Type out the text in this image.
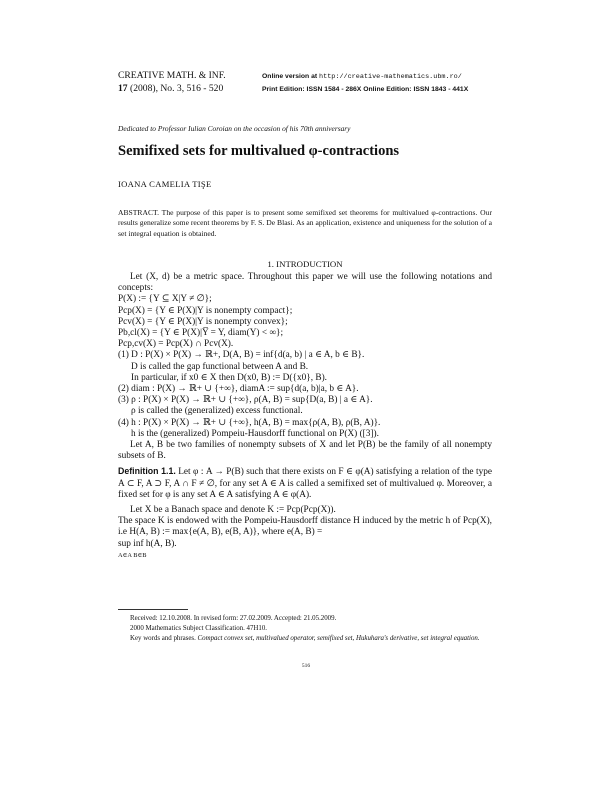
CREATIVE MATH. & INF.
17 (2008), No. 3, 516 - 520
Online version at http://creative-mathematics.ubm.ro/
Print Edition: ISSN 1584 - 286X Online Edition: ISSN 1843 - 441X
Dedicated to Professor Iulian Coroian on the occasion of his 70th anniversary
Semifixed sets for multivalued φ-contractions
IOANA CAMELIA TIŞE
ABSTRACT. The purpose of this paper is to present some semifixed set theorems for multivalued φ-contractions. Our results generalize some recent theorems by F. S. De Blasi. As an application, existence and uniqueness for the solution of a set integral equation is obtained.
1. INTRODUCTION

Let (X, d) be a metric space. Throughout this paper we will use the following notations and concepts:

P(X) := {Y ⊆ X|Y ≠ ∅};

Pcp(X) = {Y ∈ P(X)|Y is nonempty compact};

Pcv(X) = {Y ∈ P(X)|Y is nonempty convex};

Pb,cl(X) = {Y ∈ P(X)|Y̅ = Y, diam(Y) < ∞};

Pcp,cv(X) = Pcp(X) ∩ Pcv(X).

(1) D : P(X) × P(X) → ℝ+, D(A, B) = inf{d(a, b) | a ∈ A, b ∈ B}.

D is called the gap functional between A and B.

In particular, if x0 ∈ X then D(x0, B) := D({x0}, B).

(2) diam : P(X) → ℝ+ ∪ {+∞}, diamA := sup{d(a, b)|a, b ∈ A}.

(3) ρ : P(X) × P(X) → ℝ+ ∪ {+∞}, ρ(A, B) = sup{D(a, B) | a ∈ A}.

ρ is called the (generalized) excess functional.

(4) h : P(X) × P(X) → ℝ+ ∪ {+∞}, h(A, B) = max{ρ(A, B), ρ(B, A)}.

h is the (generalized) Pompeiu-Hausdorff functional on P(X) ([3]).

Let A, B be two families of nonempty subsets of X and let P(B) be the family of all nonempty subsets of B.

Definition 1.1. Let φ : A → P(B) such that there exists on F ∈ φ(A) satisfying a relation of the type A ⊂ F, A ⊃ F, A ∩ F ≠ ∅, for any set A ∈ A is called a semifixed set of multivalued φ. Moreover, a fixed set for φ is any set A ∈ A satisfying A ∈ φ(A).

Let X be a Banach space and denote K := Pcp(Pcp(X)).

The space K is endowed with the Pompeiu-Hausdorff distance H induced by the metric h of Pcp(X), i.e H(A, B) := max{e(A, B), e(B, A)}, where e(A, B) =

sup inf h(A, B).

A∈A B∈B

Received: 12.10.2008. In revised form: 27.02.2009. Accepted: 21.05.2009.

2000 Mathematics Subject Classification. 47H10.

Key words and phrases. Compact convex set, multivalued operator, semifixed set, Hukuhara's derivative, set integral equation.

516
